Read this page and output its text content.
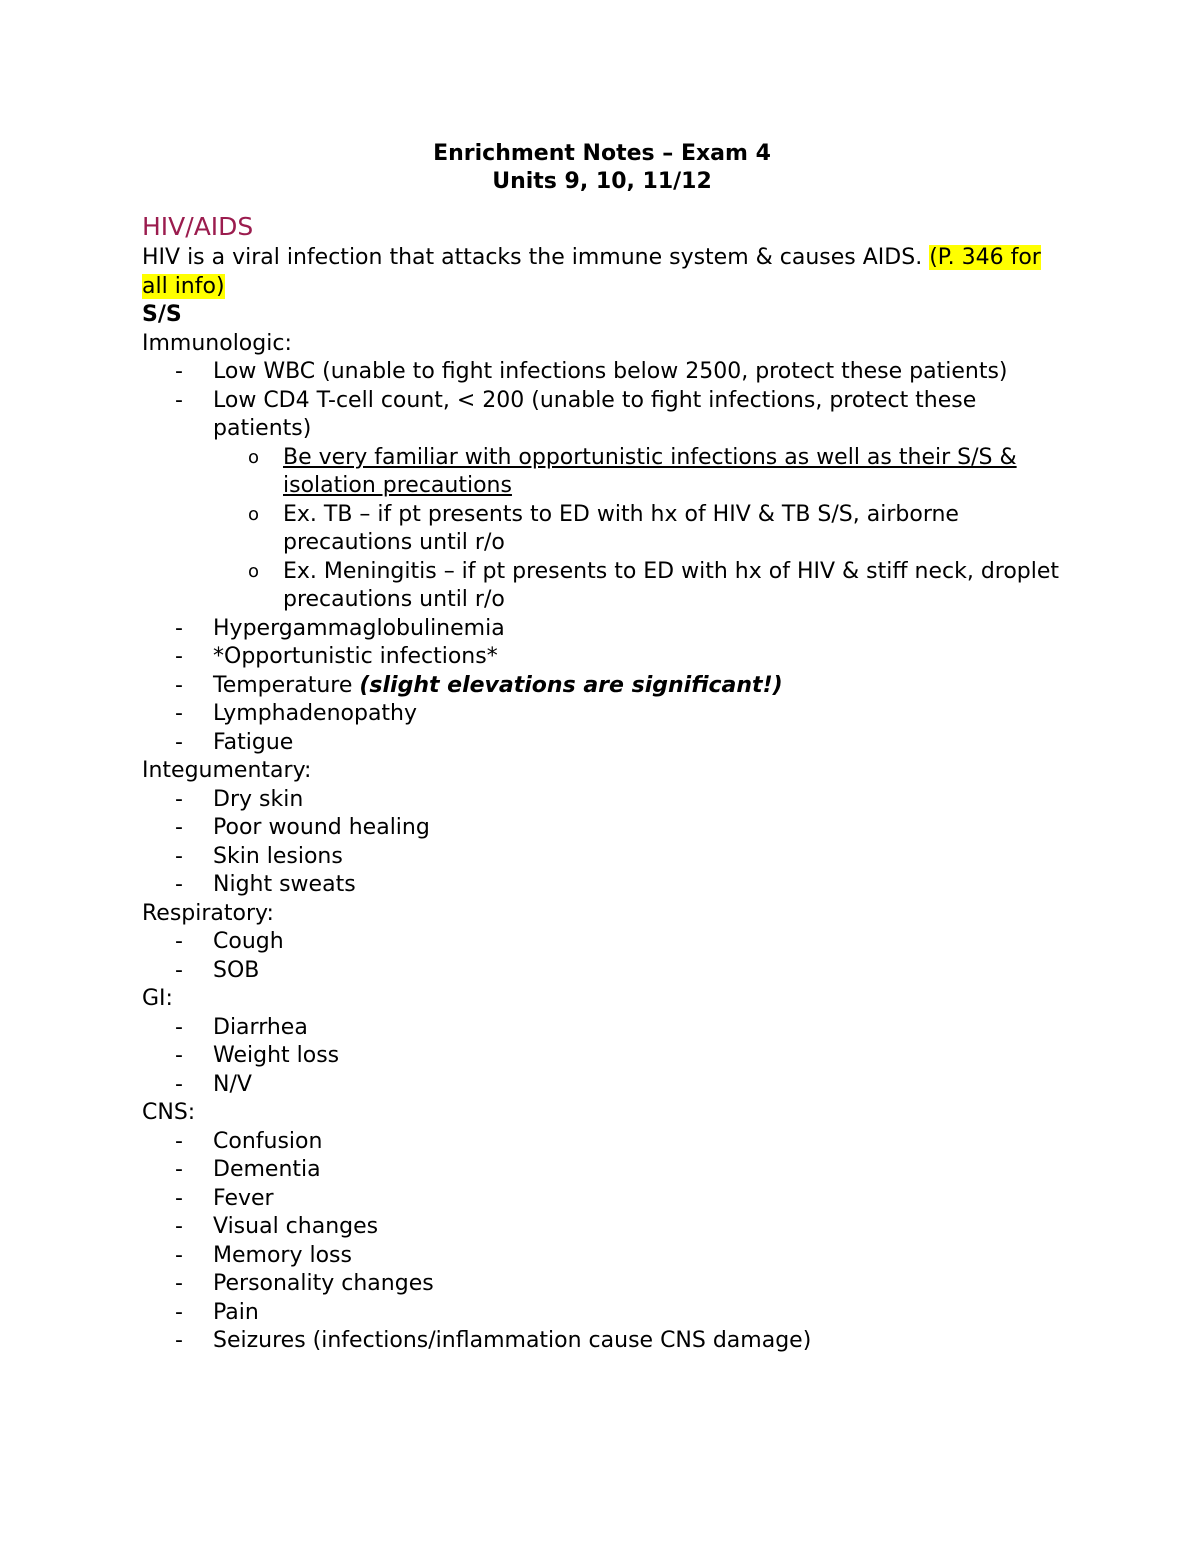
Enrichment Notes – Exam 4
Units 9, 10, 11/12
HIV/AIDS
HIV is a viral infection that attacks the immune system & causes AIDS. (P. 346 for all info)
S/S
Immunologic:
- Low WBC (unable to fight infections below 2500, protect these patients)
- Low CD4 T-cell count, < 200 (unable to fight infections, protect these patients)
o Be very familiar with opportunistic infections as well as their S/S & isolation precautions
o Ex. TB – if pt presents to ED with hx of HIV & TB S/S, airborne precautions until r/o
o Ex. Meningitis – if pt presents to ED with hx of HIV & stiff neck, droplet precautions until r/o
- Hypergammaglobulinemia
- *Opportunistic infections*
- Temperature (slight elevations are significant!)
- Lymphadenopathy
- Fatigue
Integumentary:
- Dry skin
- Poor wound healing
- Skin lesions
- Night sweats
Respiratory:
- Cough
- SOB
GI:
- Diarrhea
- Weight loss
- N/V
CNS:
- Confusion
- Dementia
- Fever
- Visual changes
- Memory loss
- Personality changes
- Pain
- Seizures (infections/inflammation cause CNS damage)
